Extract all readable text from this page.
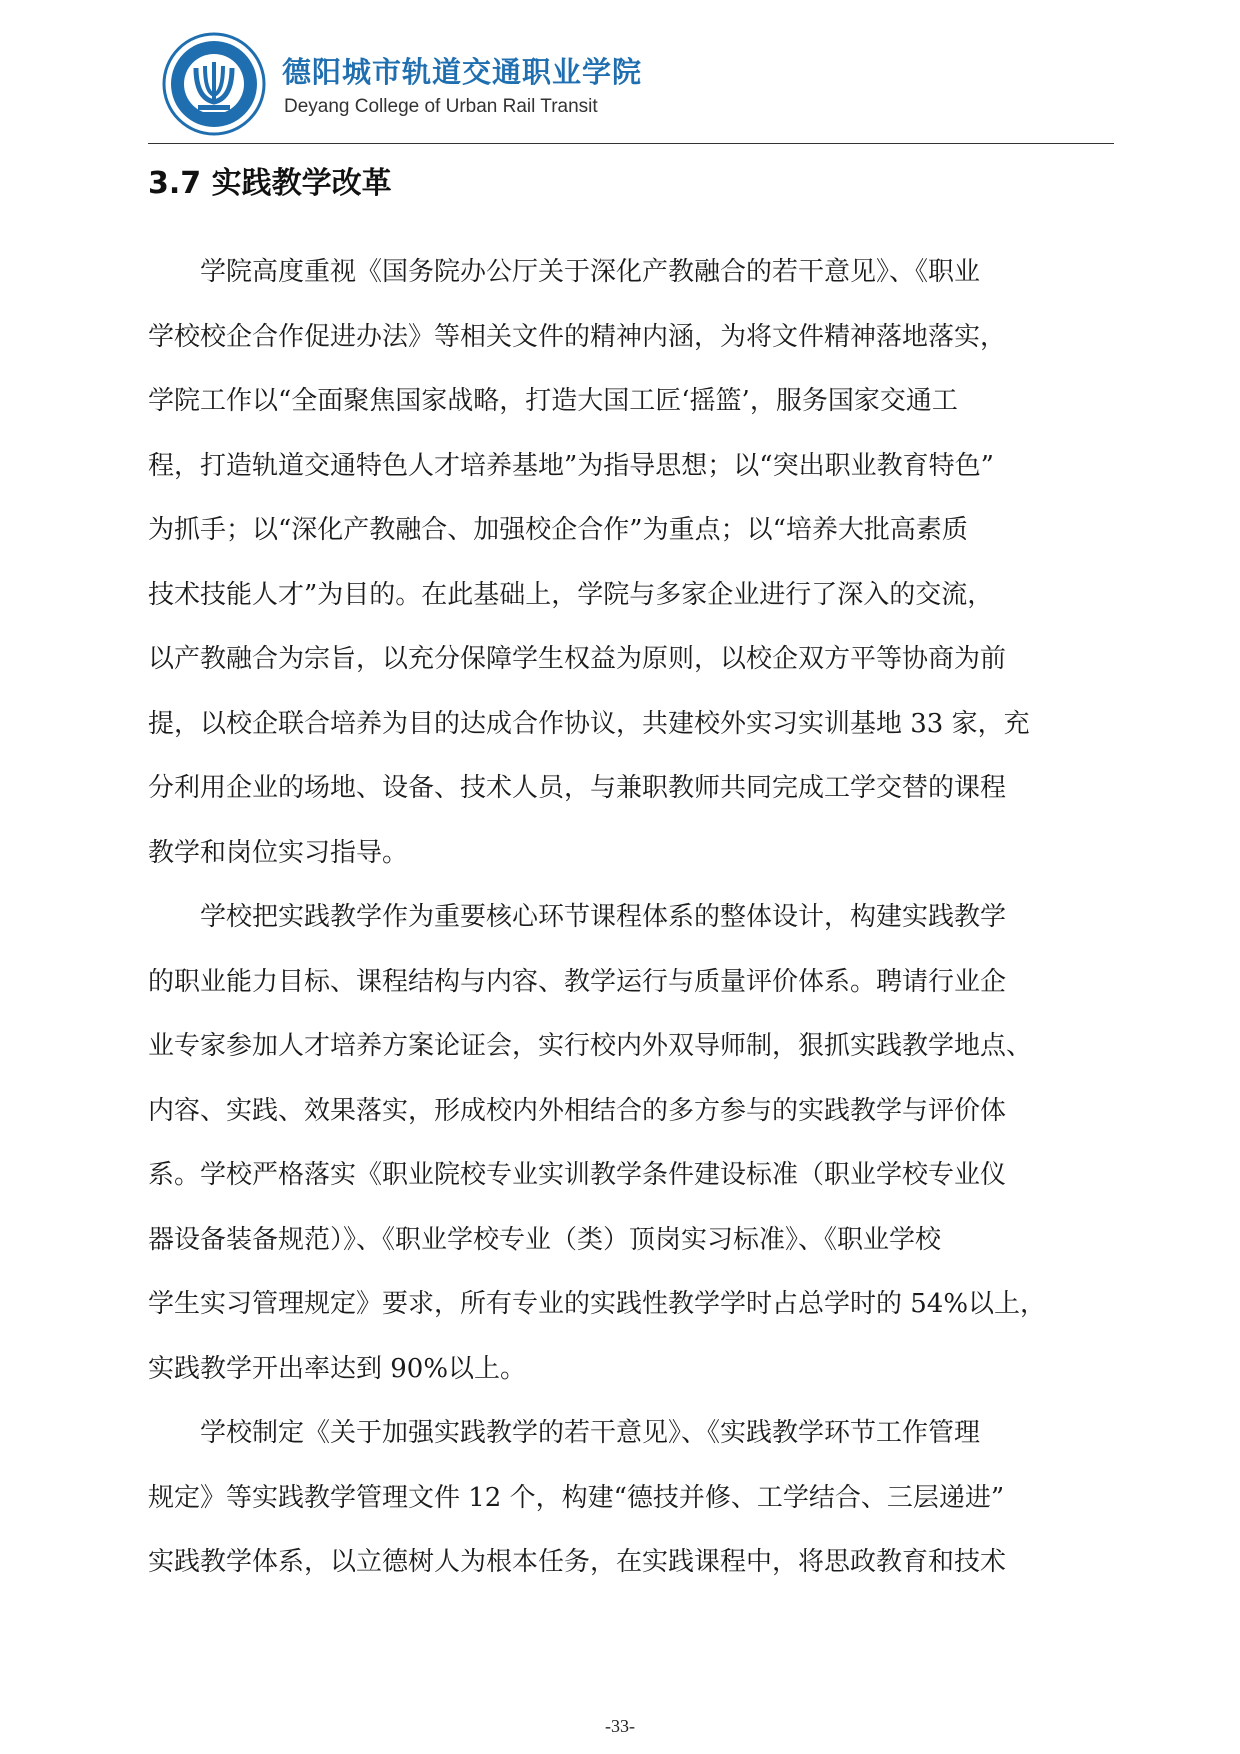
德阳城市轨道交通职业学院
Deyang College of Urban Rail Transit
3.7 实践教学改革

学院高度重视《国务院办公厅关于深化产教融合的若干意见》、《职业
学校校企合作促进办法》等相关文件的精神内涵，为将文件精神落地落实，
学院工作以“全面聚焦国家战略，打造大国工匠‘摇篮’，服务国家交通工
程，打造轨道交通特色人才培养基地”为指导思想；以“突出职业教育特色”
为抓手；以“深化产教融合、加强校企合作”为重点；以“培养大批高素质
技术技能人才”为目的。在此基础上，学院与多家企业进行了深入的交流，
以产教融合为宗旨，以充分保障学生权益为原则，以校企双方平等协商为前
提，以校企联合培养为目的达成合作协议，共建校外实习实训基地 33 家，充
分利用企业的场地、设备、技术人员，与兼职教师共同完成工学交替的课程
教学和岗位实习指导。

学校把实践教学作为重要核心环节课程体系的整体设计，构建实践教学
的职业能力目标、课程结构与内容、教学运行与质量评价体系。聘请行业企
业专家参加人才培养方案论证会，实行校内外双导师制，狠抓实践教学地点、
内容、实践、效果落实，形成校内外相结合的多方参与的实践教学与评价体
系。学校严格落实《职业院校专业实训教学条件建设标准（职业学校专业仪
器设备装备规范）》、《职业学校专业（类）顶岗实习标准》、《职业学校
学生实习管理规定》要求，所有专业的实践性教学学时占总学时的 54%以上，
实践教学开出率达到 90%以上。

学校制定《关于加强实践教学的若干意见》、《实践教学环节工作管理
规定》等实践教学管理文件 12 个，构建“德技并修、工学结合、三层递进”
实践教学体系，以立德树人为根本任务，在实践课程中，将思政教育和技术

-33-
